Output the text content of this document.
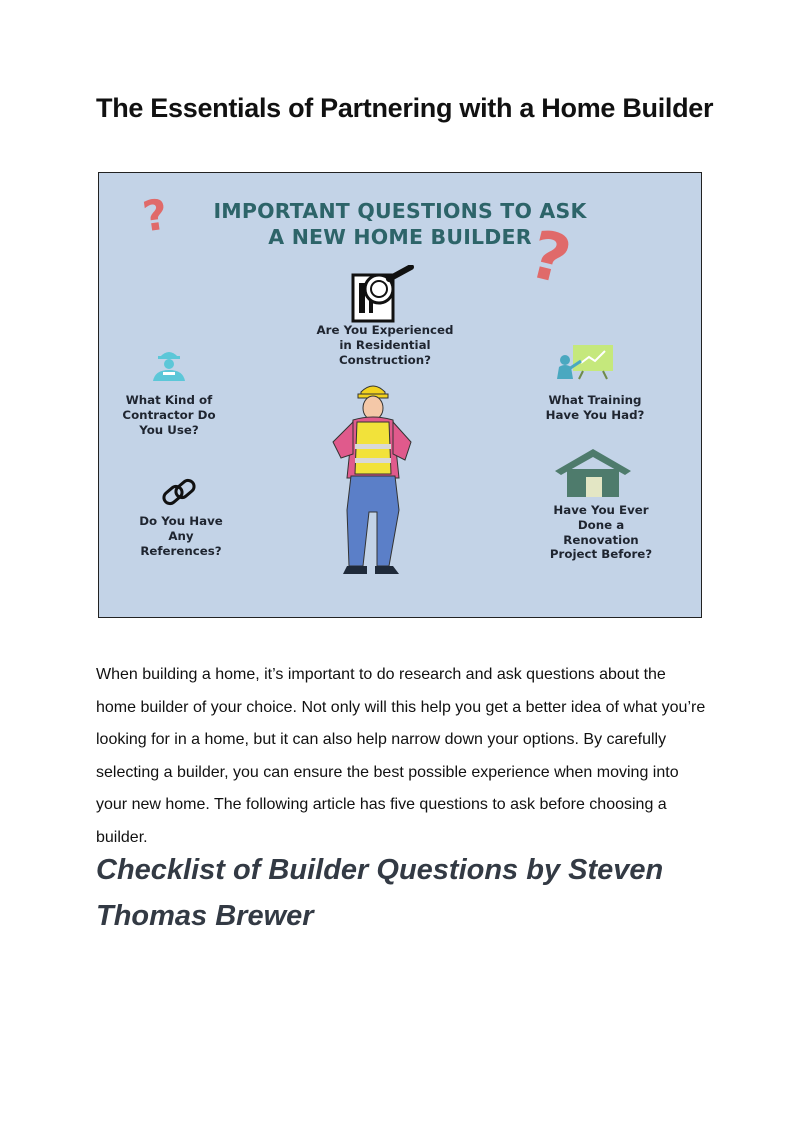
The Essentials of Partnering with a Home Builder
IMPORTANT QUESTIONS TO ASK
A NEW HOME BUILDER
?
?
Are You Experienced
in Residential
Construction?
What Kind of
Contractor Do
You Use?
What Training
Have You Had?
Do You Have
Any
References?
Have You Ever
Done a
Renovation
Project Before?

When building a home, it’s important to do research and ask questions about the home builder of your choice. Not only will this help you get a better idea of what you’re looking for in a home, but it can also help narrow down your options. By carefully selecting a builder, you can ensure the best possible experience when moving into your new home. The following article has five questions to ask before choosing a builder.

Checklist of Builder Questions by Steven Thomas Brewer
